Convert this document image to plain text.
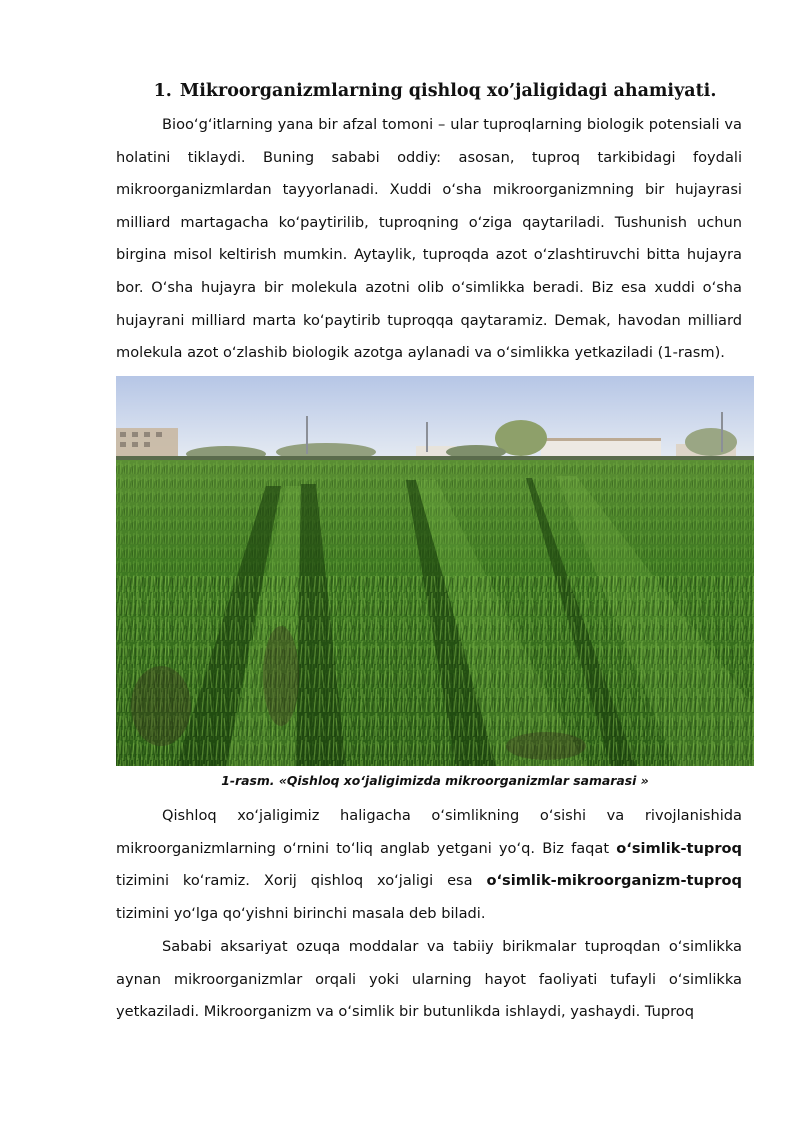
1. Mikroorganizmlarning qishloq xo’jaligidagi ahamiyati.

Bioo‘g‘itlarning yana bir afzal tomoni – ular tuproqlarning biologik potensiali va holatini tiklaydi. Buning sababi oddiy: asosan, tuproq tarkibidagi foydali mikroorganizmlardan tayyorlanadi. Xuddi o‘sha mikroorganizmning bir hujayrasi milliard martagacha ko‘paytirilib, tuproqning o‘ziga qaytariladi. Tushunish uchun birgina misol keltirish mumkin. Aytaylik, tuproqda azot o‘zlashtiruvchi bitta hujayra bor. O‘sha hujayra bir molekula azotni olib o‘simlikka beradi. Biz esa xuddi o‘sha hujayrani milliard marta ko‘paytirib tuproqqa qaytaramiz. Demak, havodan milliard molekula azot o‘zlashib biologik azotga aylanadi va o‘simlikka yetkaziladi (1-rasm).

1-rasm. «Qishloq xo‘jaligimizda mikroorganizmlar samarasi »

Qishloq xo‘jaligimiz haligacha o‘simlikning o‘sishi va rivojlanishida mikroorganizmlarning o‘rnini to‘liq anglab yetgani yo‘q. Biz faqat o‘simlik-tuproq tizimini ko‘ramiz. Xorij qishloq xo‘jaligi esa o‘simlik-mikroorganizm-tuproq tizimini yo‘lga qo‘yishni birinchi masala deb biladi.

Sababi aksariyat ozuqa moddalar va tabiiy birikmalar tuproqdan o‘simlikka aynan mikroorganizmlar orqali yoki ularning hayot faoliyati tufayli o‘simlikka yetkaziladi. Mikroorganizm va o‘simlik bir butunlikda ishlaydi, yashaydi. Tuproq
